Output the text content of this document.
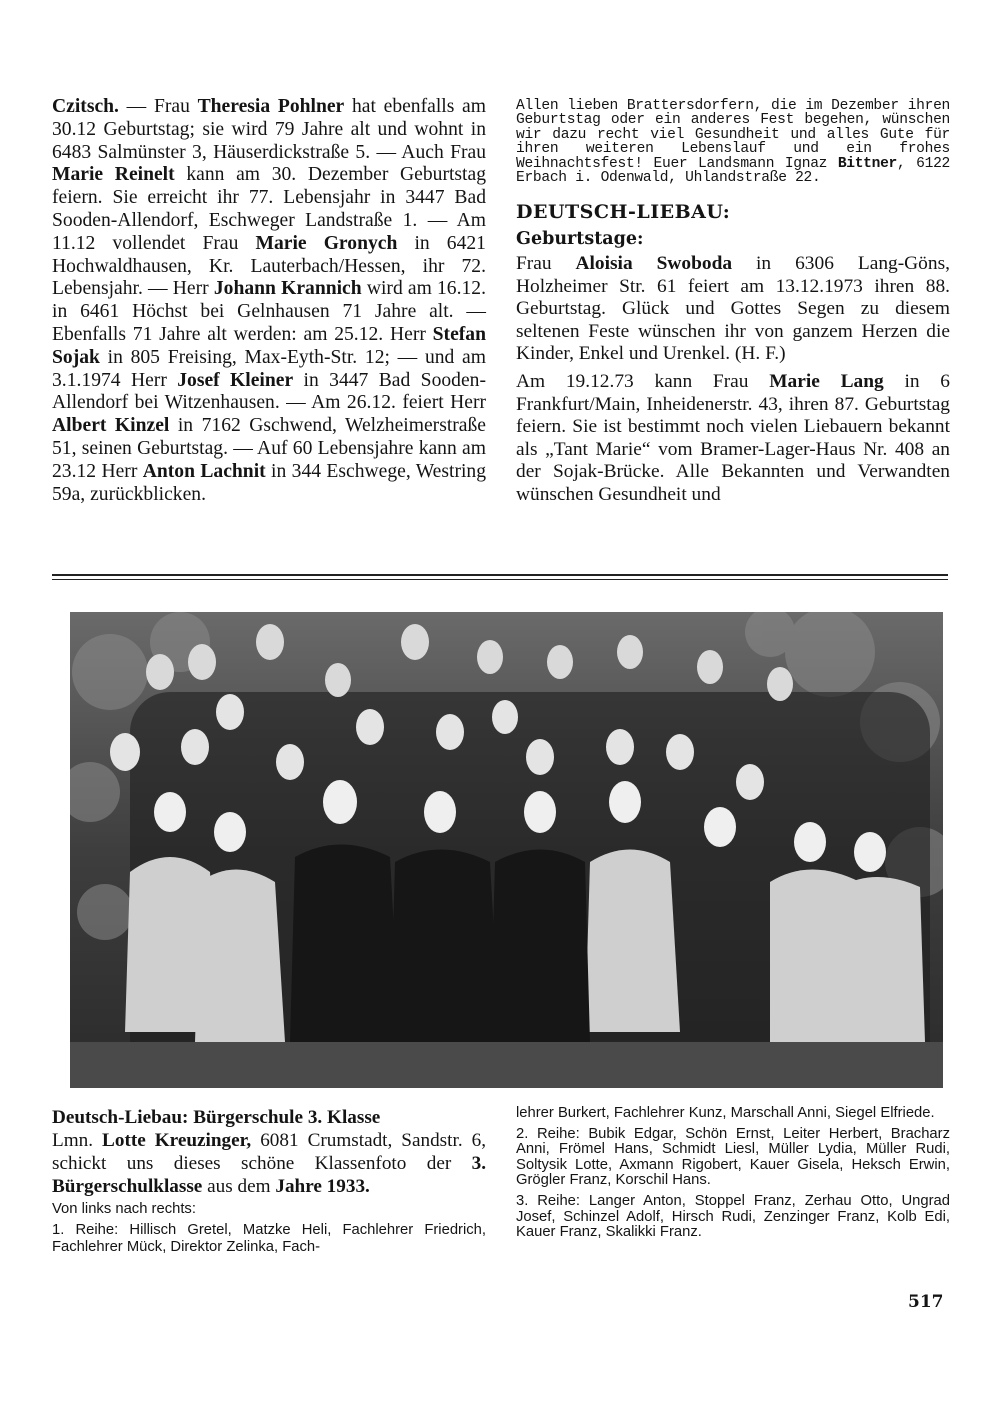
Czitsch. — Frau Theresia Pohlner hat ebenfalls am 30.12 Geburtstag; sie wird 79 Jahre alt und wohnt in 6483 Salmünster 3, Häuserdickstraße 5. — Auch Frau Marie Reinelt kann am 30. Dezember Geburtstag feiern. Sie erreicht ihr 77. Lebensjahr in 3447 Bad Sooden-Allendorf, Eschweger Landstraße 1. — Am 11.12 vollendet Frau Marie Gronych in 6421 Hochwaldhausen, Kr. Lauterbach/Hessen, ihr 72. Lebensjahr. — Herr Johann Krannich wird am 16.12. in 6461 Höchst bei Gelnhausen 71 Jahre alt. — Ebenfalls 71 Jahre alt werden: am 25.12. Herr Stefan Sojak in 805 Freising, Max-Eyth-Str. 12; — und am 3.1.1974 Herr Josef Kleiner in 3447 Bad Sooden-Allendorf bei Witzenhausen. — Am 26.12. feiert Herr Albert Kinzel in 7162 Gschwend, Welzheimerstraße 51, seinen Geburtstag. — Auf 60 Lebensjahre kann am 23.12 Herr Anton Lachnit in 344 Eschwege, Westring 59a, zurückblicken.
Allen lieben Brattersdorfern, die im Dezember ihren Geburtstag oder ein anderes Fest begehen, wünschen wir dazu recht viel Gesundheit und alles Gute für ihren weiteren Lebenslauf und ein frohes Weihnachtsfest! Euer Landsmann Ignaz Bittner, 6122 Erbach i. Odenwald, Uhlandstraße 22.
DEUTSCH-LIEBAU:
Geburtstage:

Frau Aloisia Swoboda in 6306 Lang-Göns, Holzheimer Str. 61 feiert am 13.12.1973 ihren 88. Geburtstag. Glück und Gottes Segen zu diesem seltenen Feste wünschen ihr von ganzem Herzen die Kinder, Enkel und Urenkel. (H. F.)

Am 19.12.73 kann Frau Marie Lang in 6 Frankfurt/Main, Inheidenerstr. 43, ihren 87. Geburtstag feiern. Sie ist bestimmt noch vielen Liebauern bekannt als „Tant Marie“ vom Bramer-Lager-Haus Nr. 408 an der Sojak-Brücke. Alle Bekannten und Verwandten wünschen Gesundheit und

Deutsch-Liebau: Bürgerschule 3. Klasse
Lmn. Lotte Kreuzinger, 6081 Crumstadt, Sandstr. 6, schickt uns dieses schöne Klassenfoto der 3. Bürgerschulklasse aus dem Jahre 1933.
Von links nach rechts:
1. Reihe: Hillisch Gretel, Matzke Heli, Fachlehrer Friedrich, Fachlehrer Mück, Direktor Zelinka, Fach-

lehrer Burkert, Fachlehrer Kunz, Marschall Anni, Siegel Elfriede.

2. Reihe: Bubik Edgar, Schön Ernst, Leiter Herbert, Bracharz Anni, Frömel Hans, Schmidt Liesl, Müller Lydia, Müller Rudi, Soltysik Lotte, Axmann Rigobert, Kauer Gisela, Heksch Erwin, Grögler Franz, Korschil Hans.

3. Reihe: Langer Anton, Stoppel Franz, Zerhau Otto, Ungrad Josef, Schinzel Adolf, Hirsch Rudi, Zenzinger Franz, Kolb Edi, Kauer Franz, Skalikki Franz.

517
